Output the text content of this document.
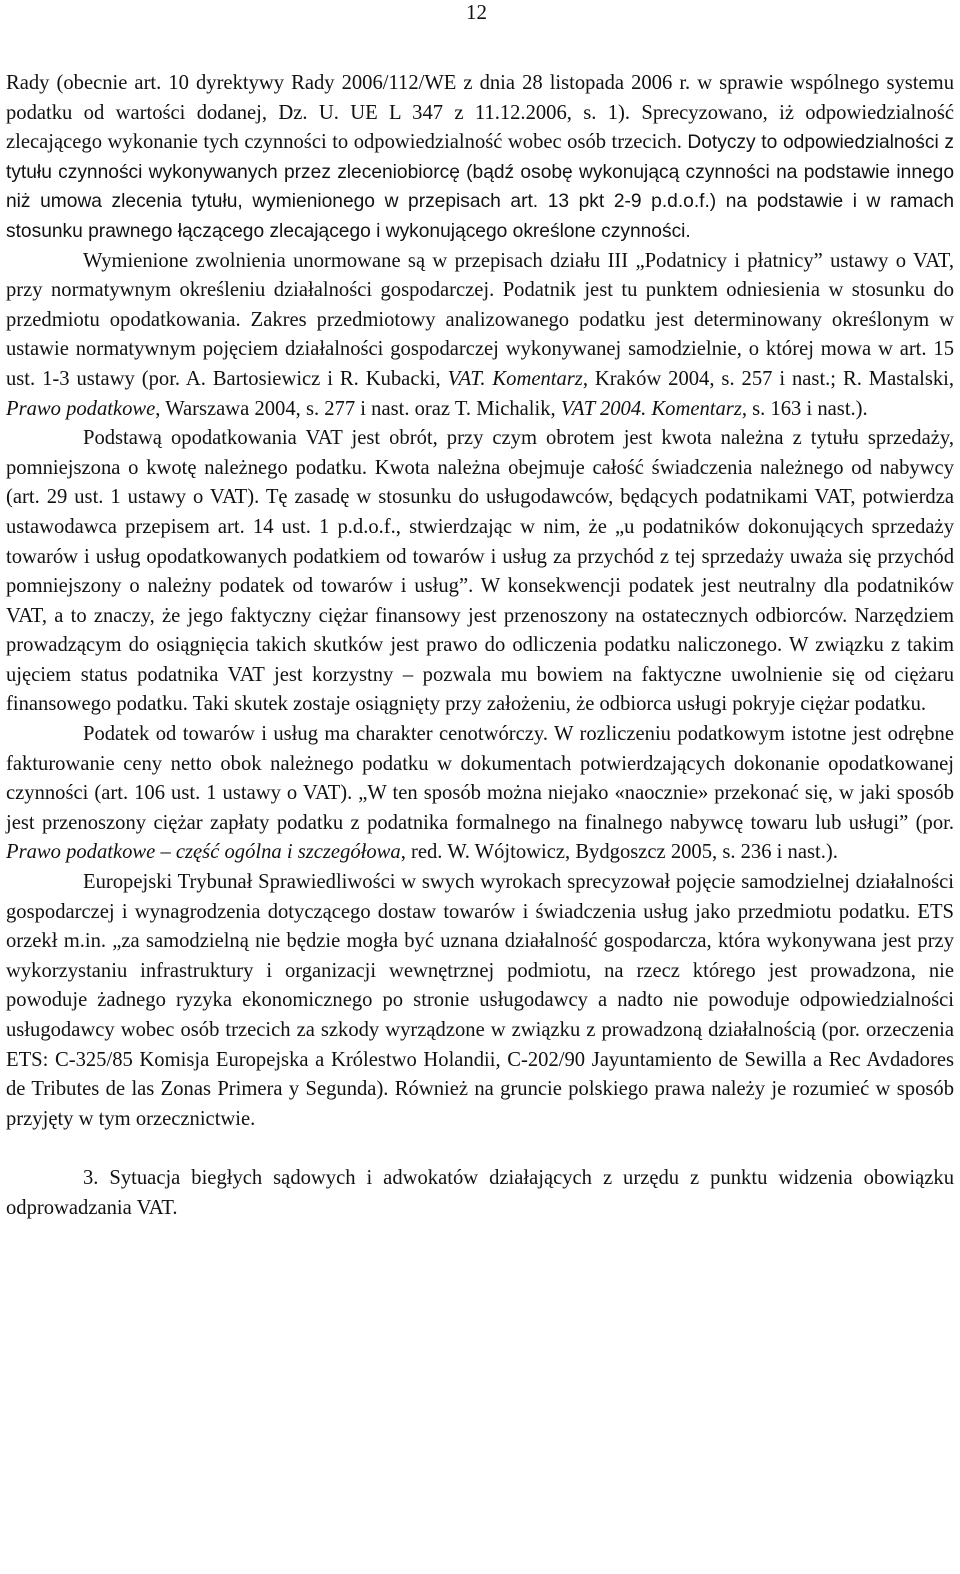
12

Rady (obecnie art. 10 dyrektywy Rady 2006/112/WE z dnia 28 listopada 2006 r. w sprawie wspólnego systemu podatku od wartości dodanej, Dz. U. UE L 347 z 11.12.2006, s. 1). Sprecyzowano, iż odpowiedzialność zlecającego wykonanie tych czynności to odpowiedzialność wobec osób trzecich. Dotyczy to odpowiedzialności z tytułu czynności wykonywanych przez zleceniobiorcę (bądź osobę wykonującą czynności na podstawie innego niż umowa zlecenia tytułu, wymienionego w przepisach art. 13 pkt 2-9 p.d.o.f.) na podstawie i w ramach stosunku prawnego łączącego zlecającego i wykonującego określone czynności.

Wymienione zwolnienia unormowane są w przepisach działu III „Podatnicy i płatnicy” ustawy o VAT, przy normatywnym określeniu działalności gospodarczej. Podatnik jest tu punktem odniesienia w stosunku do przedmiotu opodatkowania. Zakres przedmiotowy analizowanego podatku jest determinowany określonym w ustawie normatywnym pojęciem działalności gospodarczej wykonywanej samodzielnie, o której mowa w art. 15 ust. 1-3 ustawy (por. A. Bartosiewicz i R. Kubacki, VAT. Komentarz, Kraków 2004, s. 257 i nast.; R. Mastalski, Prawo podatkowe, Warszawa 2004, s. 277 i nast. oraz T. Michalik, VAT 2004. Komentarz, s. 163 i nast.).

Podstawą opodatkowania VAT jest obrót, przy czym obrotem jest kwota należna z tytułu sprzedaży, pomniejszona o kwotę należnego podatku. Kwota należna obejmuje całość świadczenia należnego od nabywcy (art. 29 ust. 1 ustawy o VAT). Tę zasadę w stosunku do usługodawców, będących podatnikami VAT, potwierdza ustawodawca przepisem art. 14 ust. 1 p.d.o.f., stwierdzając w nim, że „u podatników dokonujących sprzedaży towarów i usług opodatkowanych podatkiem od towarów i usług za przychód z tej sprzedaży uważa się przychód pomniejszony o należny podatek od towarów i usług”. W konsekwencji podatek jest neutralny dla podatników VAT, a to znaczy, że jego faktyczny ciężar finansowy jest przenoszony na ostatecznych odbiorców. Narzędziem prowadzącym do osiągnięcia takich skutków jest prawo do odliczenia podatku naliczonego. W związku z takim ujęciem status podatnika VAT jest korzystny – pozwala mu bowiem na faktyczne uwolnienie się od ciężaru finansowego podatku. Taki skutek zostaje osiągnięty przy założeniu, że odbiorca usługi pokryje ciężar podatku.

Podatek od towarów i usług ma charakter cenotwórczy. W rozliczeniu podatkowym istotne jest odrębne fakturowanie ceny netto obok należnego podatku w dokumentach potwierdzających dokonanie opodatkowanej czynności (art. 106 ust. 1 ustawy o VAT). „W ten sposób można niejako «naocznie» przekonać się, w jaki sposób jest przenoszony ciężar zapłaty podatku z podatnika formalnego na finalnego nabywcę towaru lub usługi” (por. Prawo podatkowe – część ogólna i szczegółowa, red. W. Wójtowicz, Bydgoszcz 2005, s. 236 i nast.).

Europejski Trybunał Sprawiedliwości w swych wyrokach sprecyzował pojęcie samodzielnej działalności gospodarczej i wynagrodzenia dotyczącego dostaw towarów i świadczenia usług jako przedmiotu podatku. ETS orzekł m.in. „za samodzielną nie będzie mogła być uznana działalność gospodarcza, która wykonywana jest przy wykorzystaniu infrastruktury i organizacji wewnętrznej podmiotu, na rzecz którego jest prowadzona, nie powoduje żadnego ryzyka ekonomicznego po stronie usługodawcy a nadto nie powoduje odpowiedzialności usługodawcy wobec osób trzecich za szkody wyrządzone w związku z prowadzoną działalnością (por. orzeczenia ETS: C-325/85 Komisja Europejska a Królestwo Holandii, C-202/90 Jayuntamiento de Sewilla a Rec Avdadores de Tributes de las Zonas Primera y Segunda). Również na gruncie polskiego prawa należy je rozumieć w sposób przyjęty w tym orzecznictwie.

3. Sytuacja biegłych sądowych i adwokatów działających z urzędu z punktu widzenia obowiązku odprowadzania VAT.
